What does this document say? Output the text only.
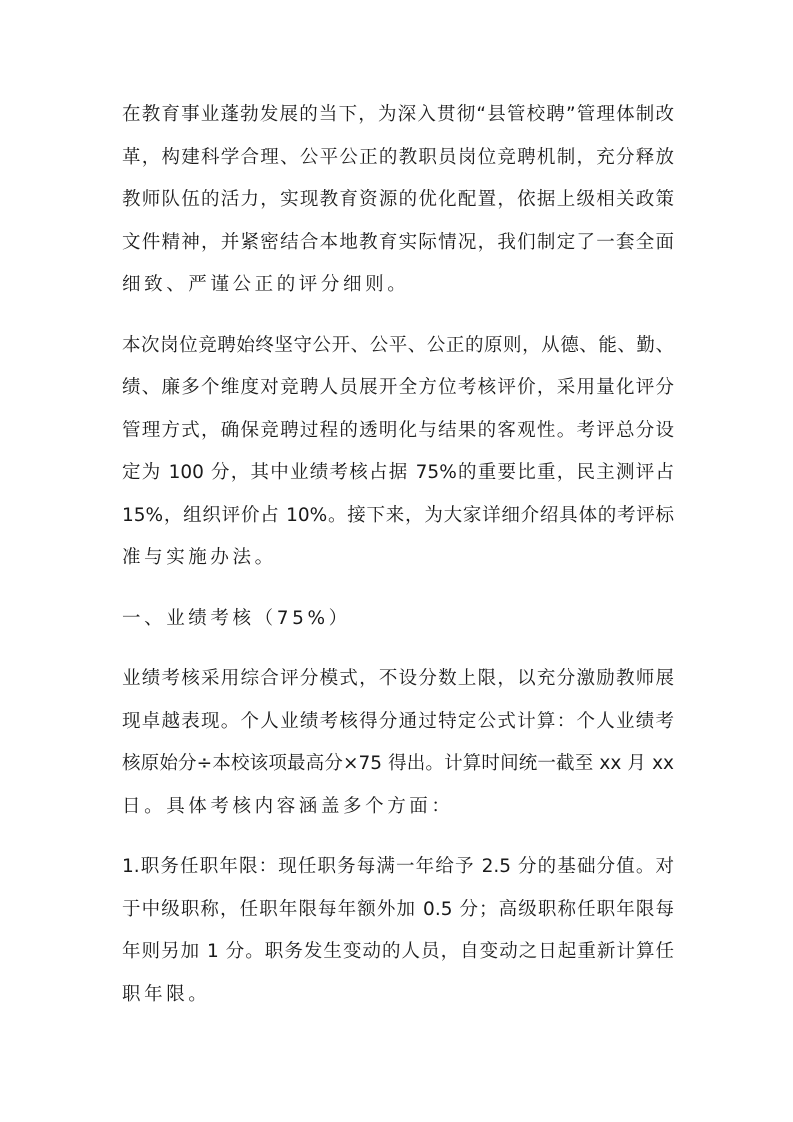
在教育事业蓬勃发展的当下，为深入贯彻“县管校聘”管理体制改
革，构建科学合理、公平公正的教职员岗位竞聘机制，充分释放
教师队伍的活力，实现教育资源的优化配置，依据上级相关政策
文件精神，并紧密结合本地教育实际情况，我们制定了一套全面
细致、严谨公正的评分细则。
本次岗位竞聘始终坚守公开、公平、公正的原则，从德、能、勤、
绩、廉多个维度对竞聘人员展开全方位考核评价，采用量化评分
管理方式，确保竞聘过程的透明化与结果的客观性。考评总分设
定为 100 分，其中业绩考核占据 75%的重要比重，民主测评占
15%，组织评价占 10%。接下来，为大家详细介绍具体的考评标
准与实施办法。
一、业绩考核（75%）
业绩考核采用综合评分模式，不设分数上限，以充分激励教师展
现卓越表现。个人业绩考核得分通过特定公式计算：个人业绩考
核原始分÷本校该项最高分×75 得出。计算时间统一截至 xx 月 xx
日。具体考核内容涵盖多个方面：
1.职务任职年限：现任职务每满一年给予 2.5 分的基础分值。对
于中级职称，任职年限每年额外加 0.5 分；高级职称任职年限每
年则另加 1 分。职务发生变动的人员，自变动之日起重新计算任
职年限。
